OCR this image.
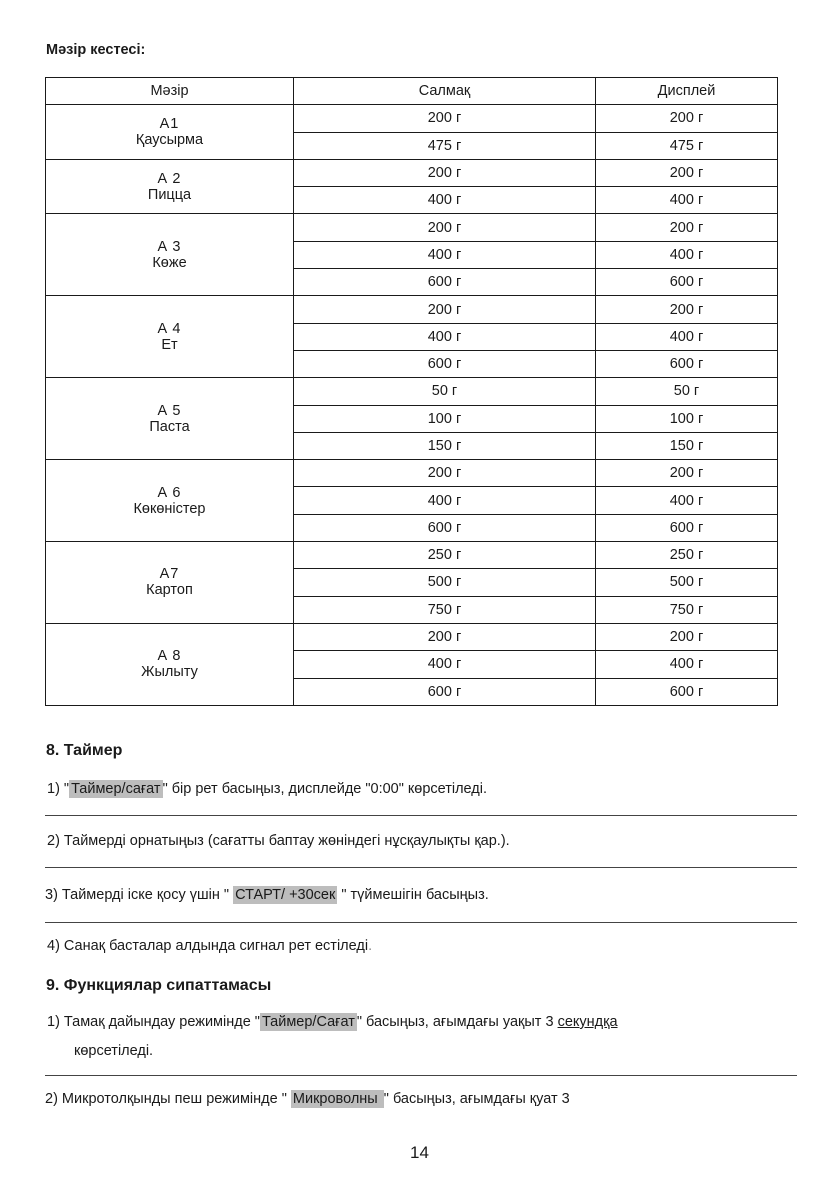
Мәзір кестесі:
Мәзір	Салмақ	Дисплей

A1
Қаусырма	200 г	200 г
	475 г	475 г

A 2
Пицца	200 г	200 г
	400 г	400 г

A 3
Көже	200 г	200 г
	400 г	400 г
	600 г	600 г

A 4
Ет	200 г	200 г
	400 г	400 г
	600 г	600 г

A 5
Паста	50 г	50 г
	100 г	100 г
	150 г	150 г

A 6
Көкөністер	200 г	200 г
	400 г	400 г
	600 г	600 г

A7
Картоп	250 г	250 г
	500 г	500 г
	750 г	750 г

A 8
Жылыту	200 г	200 г
	400 г	400 г
	600 г	600 г
8. Таймер
1) " Таймер/сағат " бір рет басыңыз, дисплейде "0:00" көрсетіледі.
2) Таймерді орнатыңыз (сағатты баптау жөніндегі нұсқаулықты қар.).
3) Таймерді іске қосу үшін " СТАРТ/ +30сек " түймешігін басыңыз.
4) Санақ басталар алдында сигнал рет естіледі.
9. Функциялар сипаттамасы
1) Тамақ дайындау режимінде " Таймер/Сағат " басыңыз, ағымдағы уақыт 3 секундқа
көрсетіледі.
2) Микротолқынды пеш режимінде " Микроволны " басыңыз, ағымдағы қуат 3
14
